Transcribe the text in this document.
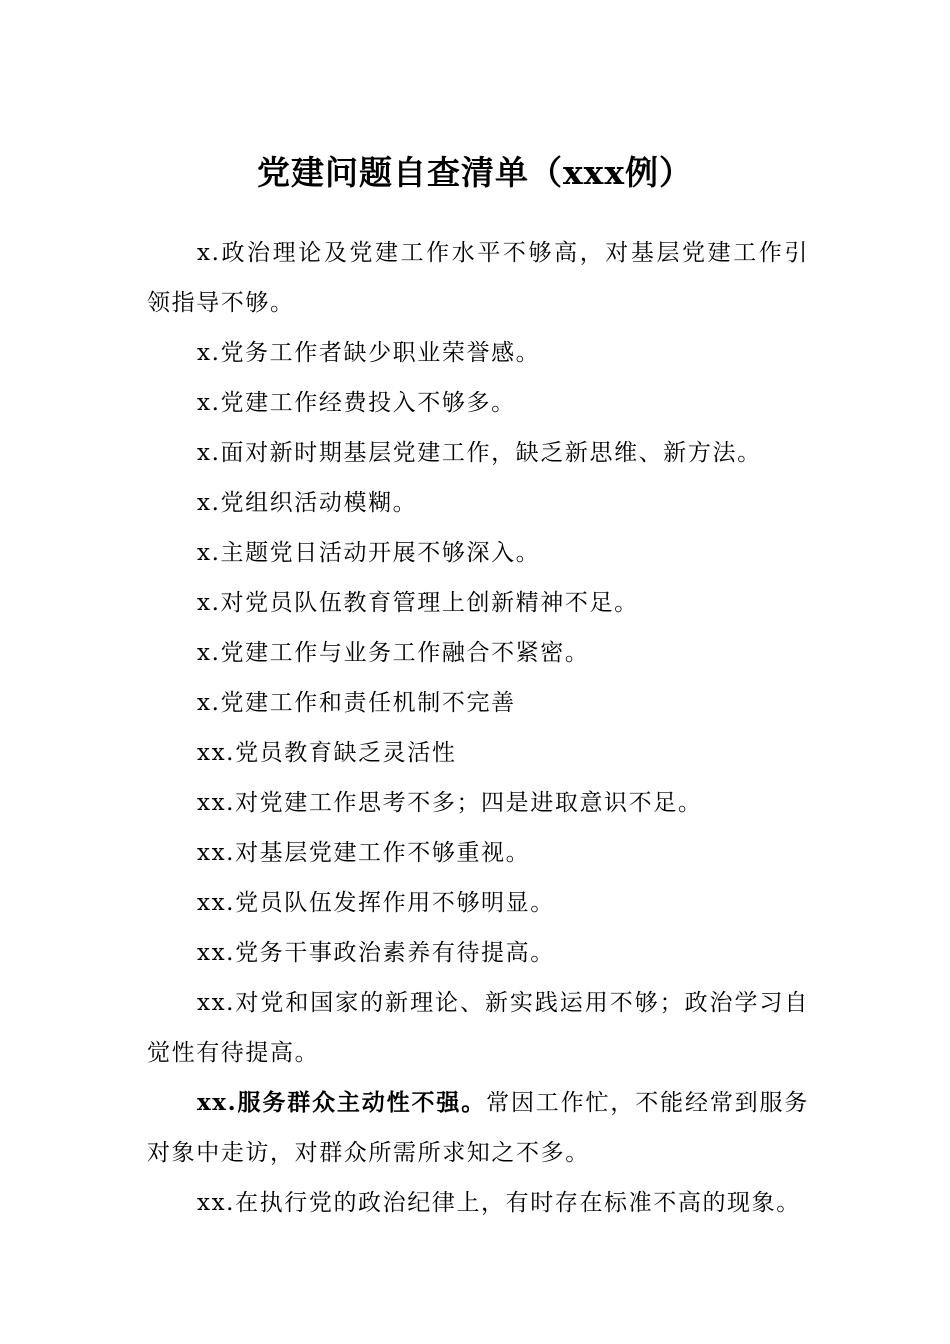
党建问题自查清单（xxx例）

x.政治理论及党建工作水平不够高，对基层党建工作引领指导不够。

x.党务工作者缺少职业荣誉感。

x.党建工作经费投入不够多。

x.面对新时期基层党建工作，缺乏新思维、新方法。

x.党组织活动模糊。

x.主题党日活动开展不够深入。

x.对党员队伍教育管理上创新精神不足。

x.党建工作与业务工作融合不紧密。

x.党建工作和责任机制不完善

xx.党员教育缺乏灵活性

xx.对党建工作思考不多；四是进取意识不足。

xx.对基层党建工作不够重视。

xx.党员队伍发挥作用不够明显。

xx.党务干事政治素养有待提高。

xx.对党和国家的新理论、新实践运用不够；政治学习自觉性有待提高。

xx.服务群众主动性不强。常因工作忙，不能经常到服务对象中走访，对群众所需所求知之不多。

xx.在执行党的政治纪律上，有时存在标准不高的现象。
